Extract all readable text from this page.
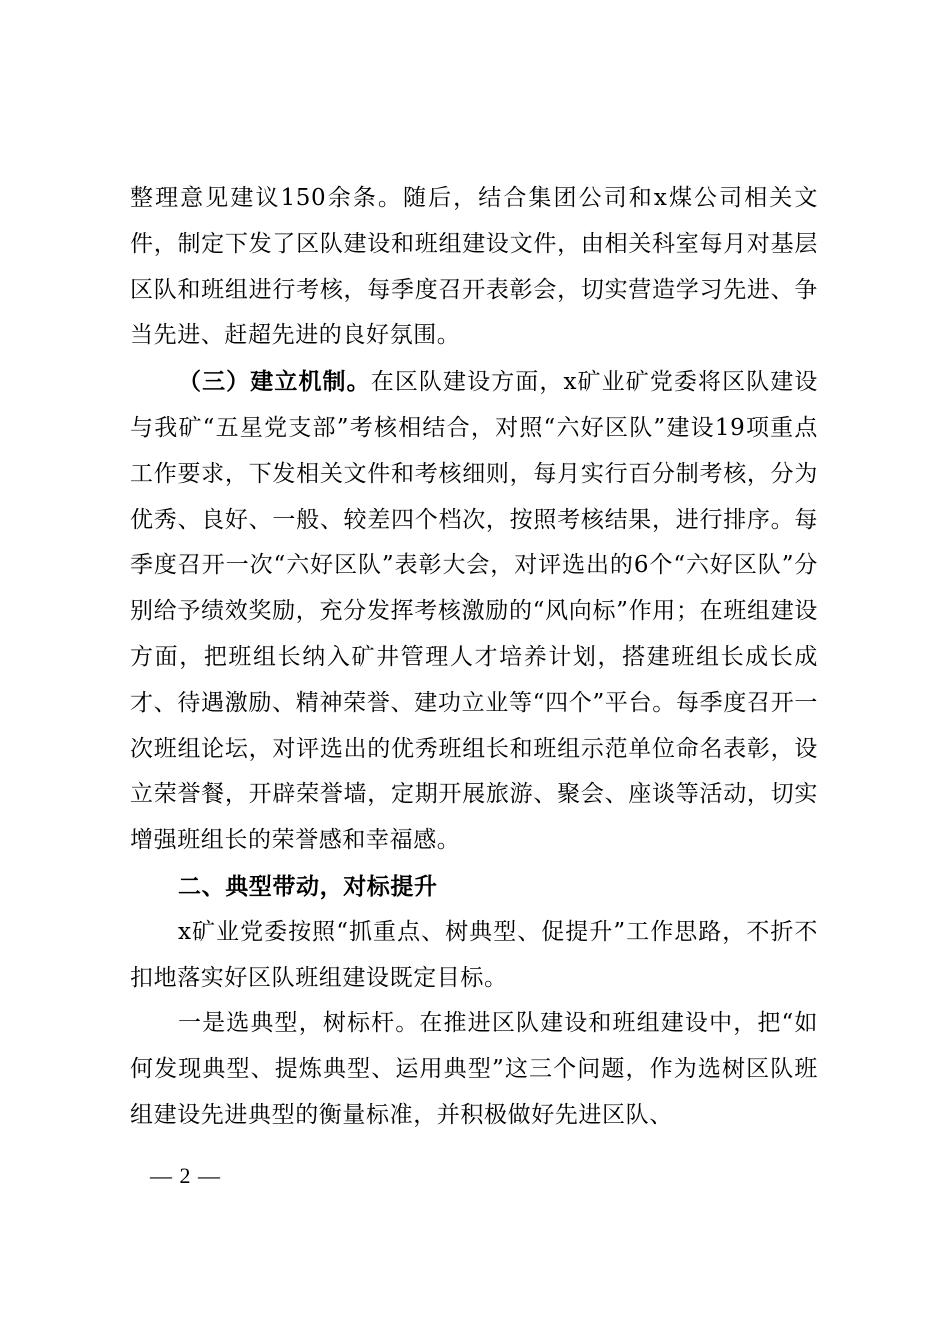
整理意见建议150余条。随后，结合集团公司和x煤公司相关文件，制定下发了区队建设和班组建设文件，由相关科室每月对基层区队和班组进行考核，每季度召开表彰会，切实营造学习先进、争当先进、赶超先进的良好氛围。

（三）建立机制。在区队建设方面，x矿业矿党委将区队建设与我矿“五星党支部”考核相结合，对照“六好区队”建设19项重点工作要求，下发相关文件和考核细则，每月实行百分制考核，分为优秀、良好、一般、较差四个档次，按照考核结果，进行排序。每季度召开一次“六好区队”表彰大会，对评选出的6个“六好区队”分别给予绩效奖励，充分发挥考核激励的“风向标”作用；在班组建设方面，把班组长纳入矿井管理人才培养计划，搭建班组长成长成才、待遇激励、精神荣誉、建功立业等“四个”平台。每季度召开一次班组论坛，对评选出的优秀班组长和班组示范单位命名表彰，设立荣誉餐，开辟荣誉墙，定期开展旅游、聚会、座谈等活动，切实增强班组长的荣誉感和幸福感。

二、典型带动，对标提升

x矿业党委按照“抓重点、树典型、促提升”工作思路，不折不扣地落实好区队班组建设既定目标。

一是选典型，树标杆。在推进区队建设和班组建设中，把“如何发现典型、提炼典型、运用典型”这三个问题，作为选树区队班组建设先进典型的衡量标准，并积极做好先进区队、

— 2 —
